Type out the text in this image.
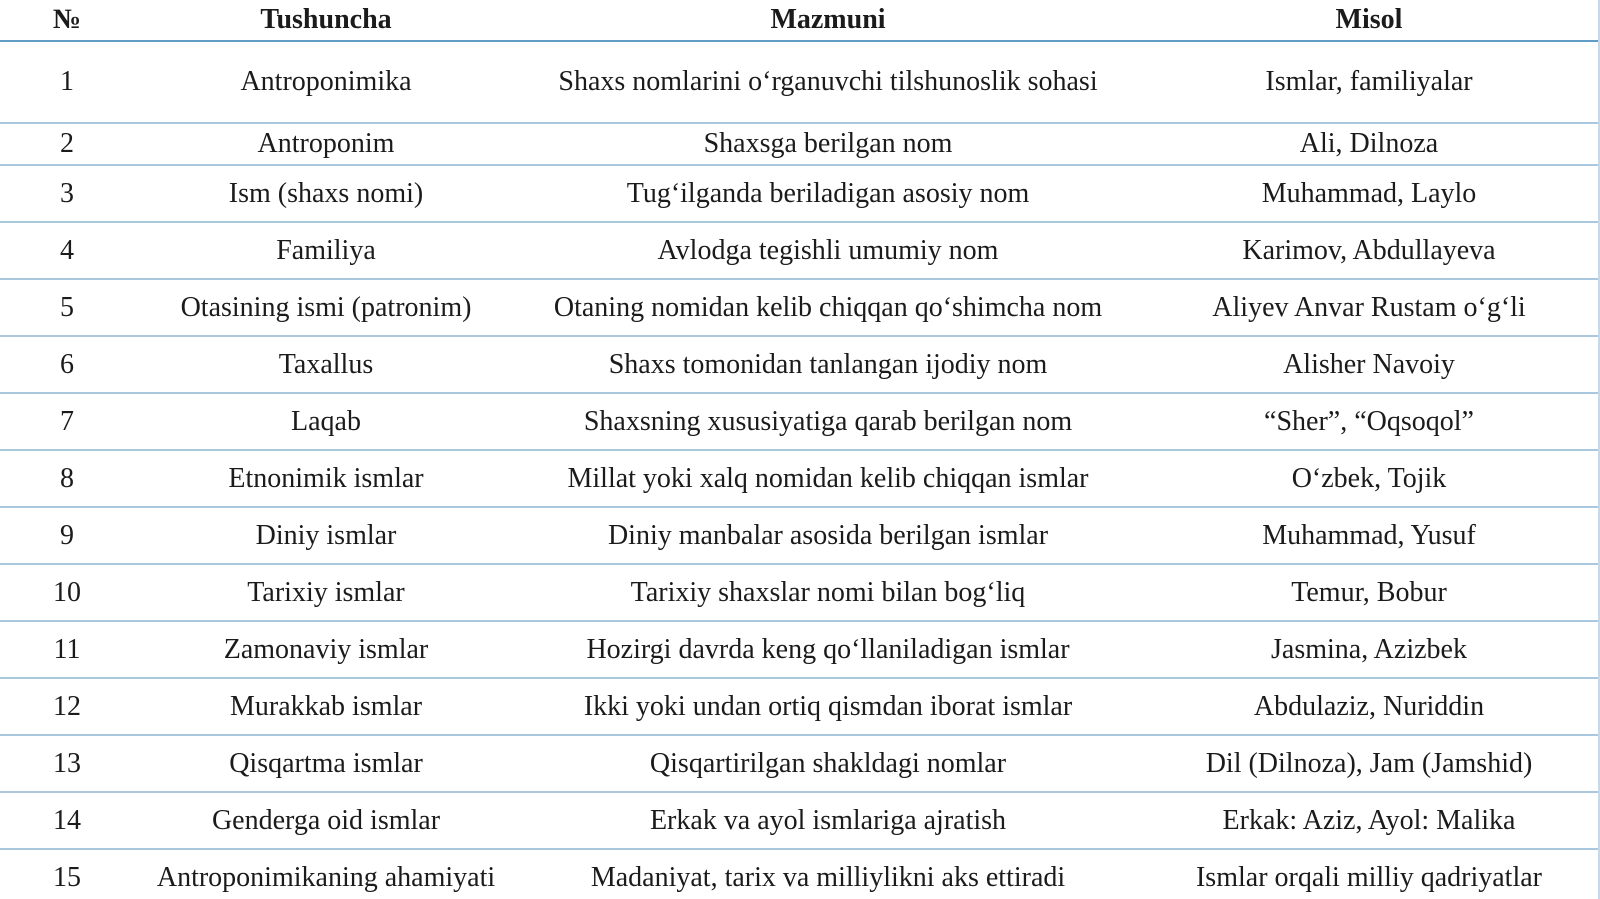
№	Tushuncha	Mazmuni	Misol
1	Antroponimika	Shaxs nomlarini o‘rganuvchi tilshunoslik sohasi	Ismlar, familiyalar
2	Antroponim	Shaxsga berilgan nom	Ali, Dilnoza
3	Ism (shaxs nomi)	Tug‘ilganda beriladigan asosiy nom	Muhammad, Laylo
4	Familiya	Avlodga tegishli umumiy nom	Karimov, Abdullayeva
5	Otasining ismi (patronim)	Otaning nomidan kelib chiqqan qo‘shimcha nom	Aliyev Anvar Rustam o‘g‘li
6	Taxallus	Shaxs tomonidan tanlangan ijodiy nom	Alisher Navoiy
7	Laqab	Shaxsning xususiyatiga qarab berilgan nom	“Sher”, “Oqsoqol”
8	Etnonimik ismlar	Millat yoki xalq nomidan kelib chiqqan ismlar	O‘zbek, Tojik
9	Diniy ismlar	Diniy manbalar asosida berilgan ismlar	Muhammad, Yusuf
10	Tarixiy ismlar	Tarixiy shaxslar nomi bilan bog‘liq	Temur, Bobur
11	Zamonaviy ismlar	Hozirgi davrda keng qo‘llaniladigan ismlar	Jasmina, Azizbek
12	Murakkab ismlar	Ikki yoki undan ortiq qismdan iborat ismlar	Abdulaziz, Nuriddin
13	Qisqartma ismlar	Qisqartirilgan shakldagi nomlar	Dil (Dilnoza), Jam (Jamshid)
14	Genderga oid ismlar	Erkak va ayol ismlariga ajratish	Erkak: Aziz, Ayol: Malika
15	Antroponimikaning ahamiyati	Madaniyat, tarix va milliylikni aks ettiradi	Ismlar orqali milliy qadriyatlar
